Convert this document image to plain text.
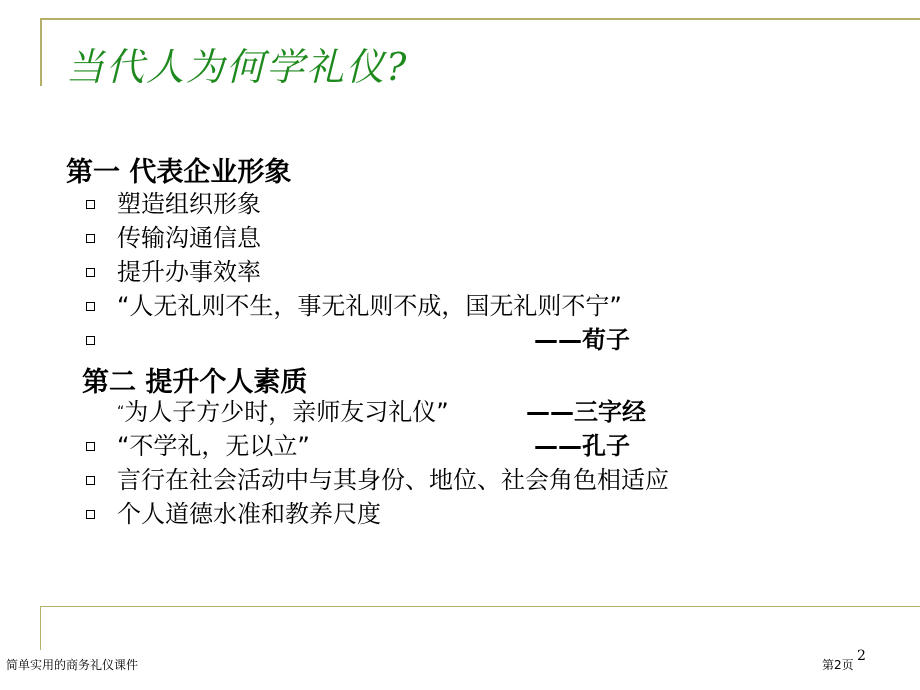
当代人为何学礼仪?
第一 代表企业形象
塑造组织形象
传输沟通信息
提升办事效率
“人无礼则不生，事无礼则不成，国无礼则不宁”
——荀子
第二 提升个人素质
“为人子方少时，亲师友习礼仪”	——三字经
“不学礼，无以立”	——孔子
言行在社会活动中与其身份、地位、社会角色相适应
个人道德水准和教养尺度
简单实用的商务礼仪课件	第2页
2
